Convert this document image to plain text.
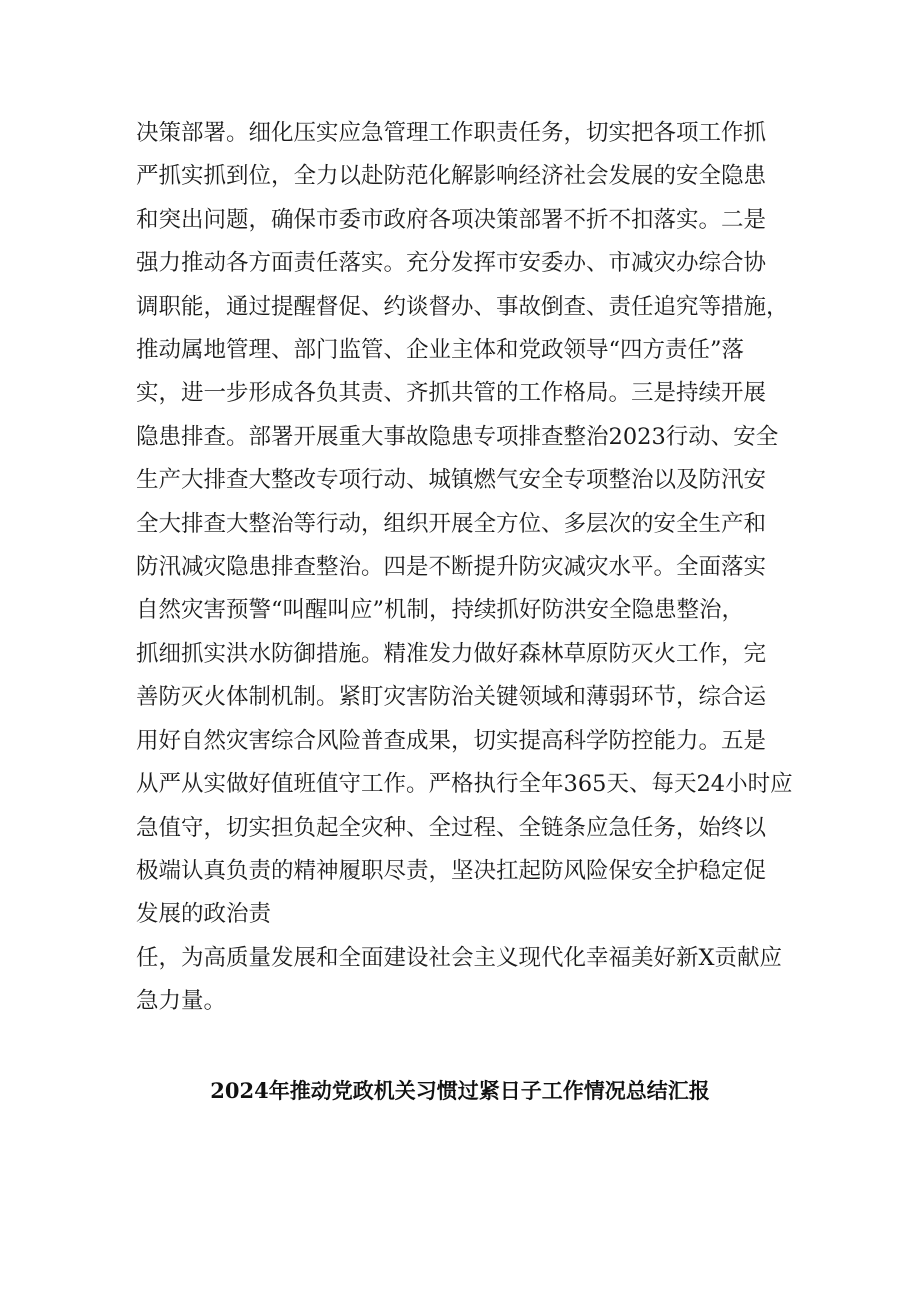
决策部署。细化压实应急管理工作职责任务，切实把各项工作抓
严抓实抓到位，全力以赴防范化解影响经济社会发展的安全隐患
和突出问题，确保市委市政府各项决策部署不折不扣落实。二是
强力推动各方面责任落实。充分发挥市安委办、市减灾办综合协
调职能，通过提醒督促、约谈督办、事故倒查、责任追究等措施，
推动属地管理、部门监管、企业主体和党政领导“四方责任”落
实，进一步形成各负其责、齐抓共管的工作格局。三是持续开展
隐患排查。部署开展重大事故隐患专项排查整治2023行动、安全
生产大排查大整改专项行动、城镇燃气安全专项整治以及防汛安
全大排查大整治等行动，组织开展全方位、多层次的安全生产和
防汛减灾隐患排查整治。四是不断提升防灾减灾水平。全面落实
自然灾害预警“叫醒叫应”机制，持续抓好防洪安全隐患整治，
抓细抓实洪水防御措施。精准发力做好森林草原防灭火工作，完
善防灭火体制机制。紧盯灾害防治关键领域和薄弱环节，综合运
用好自然灾害综合风险普查成果，切实提高科学防控能力。五是
从严从实做好值班值守工作。严格执行全年365天、每天24小时应
急值守，切实担负起全灾种、全过程、全链条应急任务，始终以
极端认真负责的精神履职尽责，坚决扛起防风险保安全护稳定促
发展的政治责
任，为高质量发展和全面建设社会主义现代化幸福美好新X贡献应
急力量。
2024年推动党政机关习惯过紧日子工作情况总结汇报
